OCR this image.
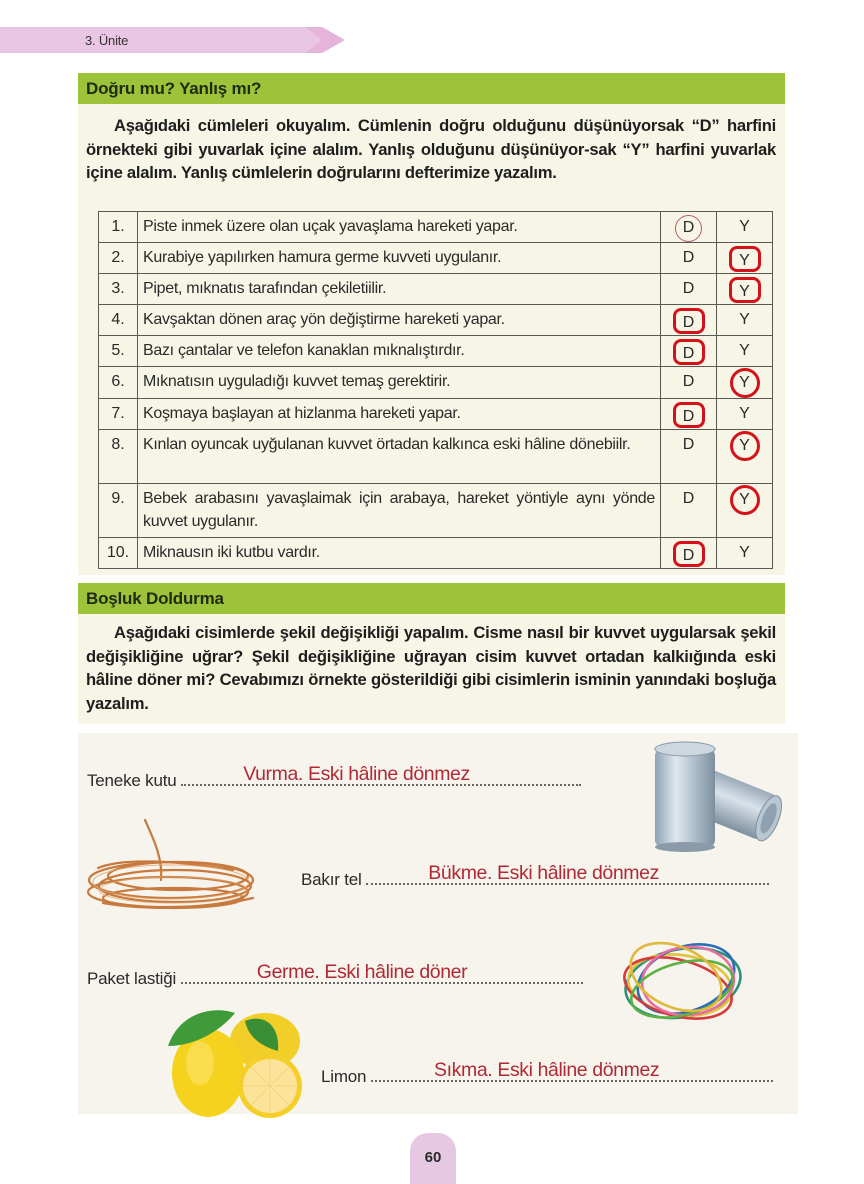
3. Ünite
Doğru mu? Yanlış mı?
Aşağıdaki cümleleri okuyalım. Cümlenin doğru olduğunu düşünüyorsak “D” harfini örnekteki gibi yuvarlak içine alalım. Yanlış olduğunu düşünüyor-sak “Y” harfini yuvarlak içine alalım. Yanlış cümlelerin doğrularını defterimize yazalım.
1.	Piste inmek üzere olan uçak yavaşlama hareketi yapar.	D	Y
2.	Kurabiye yapılırken hamura germe kuvveti uygulanır.	D	Y
3.	Pipet, mıknatıs tarafından çekiletiilir.	D	Y
4.	Kavşaktan dönen araç yön değiştirme hareketi yapar.	D	Y
5.	Bazı çantalar ve telefon kanaklan mıknalıştırdır.	D	Y
6.	Mıknatısın uyguladığı kuvvet temaş gerektirir.	D	Y
7.	Koşmaya başlayan at hizlanma hareketi yapar.	D	Y
8.	Kınlan oyuncak uyğulanan kuvvet örtadan kalkınca eski hâline dönebiilr.	D	Y
9.	Bebek arabasını yavaşlaimak için arabaya, hareket yöntiyle aynı yönde kuvvet uygulanır.	D	Y
10.	Miknausın iki kutbu vardır.	D	Y
Boşluk Doldurma
Aşağıdaki cisimlerde şekil değişikliği yapalım. Cisme nasıl bir kuvvet uygularsak şekil değişikliğine uğrar? Şekil değişikliğine uğrayan cisim kuvvet ortadan kalkiığında eski hâline döner mi? Cevabımızı örnekte gösterildiği gibi cisimlerin isminin yanındaki boşluğa yazalım.
Teneke kutu	Vurma. Eski hâline dönmez
Bakır tel	Bükme. Eski hâline dönmez
Paket lastiği	Germe. Eski hâline döner
Limon	Sıkma. Eski hâline dönmez
60
